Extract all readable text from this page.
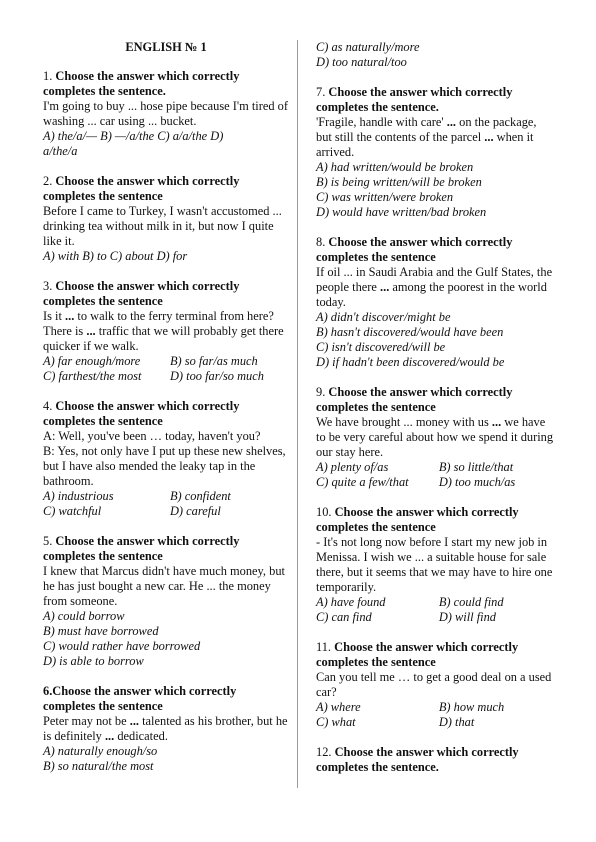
ENGLISH № 1
1. Choose the answer which correctly completes the sentence.
I'm going to buy ... hose pipe because I'm tired of washing ... car using ... bucket.
A) the/a/— B) —/a/the C) a/a/the D)
a/the/a
2. Choose the answer which correctly completes the sentence
Before I came to Turkey, I wasn't accustomed ... drinking tea without milk in it, but now I quite like it.
A) with B) to C) about D) for
3. Choose the answer which correctly completes the sentence
Is it ... to walk to the ferry terminal from here? There is ... traffic that we will probably get there quicker if we walk.
A) far enough/more	B) so far/as much
C) farthest/the most	D) too far/so much
4. Choose the answer which correctly completes the sentence
A: Well, you've been … today, haven't you?
B: Yes, not only have I put up these new shelves, but I have also mended the leaky tap in the bathroom.
A) industrious	B) confident
C) watchful	D) careful
5. Choose the answer which correctly completes the sentence
I knew that Marcus didn't have much money, but he has just bought a new car. He ... the money from someone.
A) could borrow
B) must have borrowed
C) would rather have borrowed
D) is able to borrow
6.Choose the answer which correctly completes the sentence
Peter may not be ... talented as his brother, but he is definitely ... dedicated.
A) naturally enough/so
B) so natural/the most
C) as naturally/more
D) too natural/too
7. Choose the answer which correctly completes the sentence.
'Fragile, handle with care' ... on the package, but still the contents of the parcel ... when it arrived.
A) had written/would be broken
B) is being written/will be broken
C) was written/were broken
D) would have written/bad broken
8. Choose the answer which correctly completes the sentence
If oil ... in Saudi Arabia and the Gulf States, the people there ... among the poorest in the world today.
A) didn't discover/might be
B) hasn't discovered/would have been
C) isn't discovered/will be
D) if hadn't been discovered/would be
9. Choose the answer which correctly completes the sentence
We have brought ... money with us ... we have to be very careful about how we spend it during our stay here.
A) plenty of/as	B) so little/that
C) quite a few/that	D) too much/as
10. Choose the answer which correctly completes the sentence
- It's not long now before I start my new job in Menissa. I wish we ... a suitable house for sale there, but it seems that we may have to hire one temporarily.
A) have found	B) could find
C) can find	D) will find
11. Choose the answer which correctly completes the sentence
Can you tell me … to get a good deal on a used car?
A) where	B) how much
C) what	D) that
12. Choose the answer which correctly completes the sentence.
